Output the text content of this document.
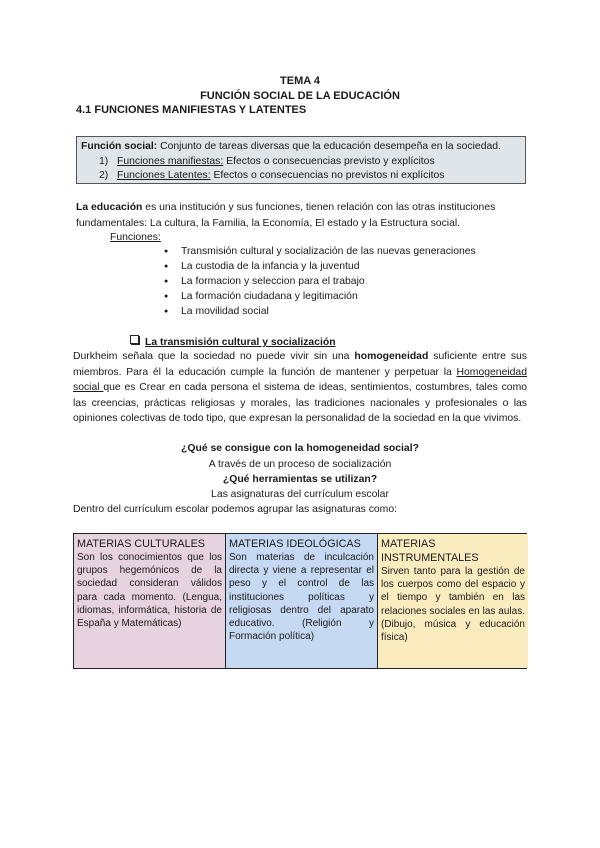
TEMA 4
FUNCIÓN SOCIAL DE LA EDUCACIÓN
4.1 FUNCIONES MANIFIESTAS Y LATENTES
Función social: Conjunto de tareas diversas que la educación desempeña en la sociedad.
1) Funciones manifiestas: Efectos o consecuencias previsto y explícitos
2) Funciones Latentes: Efectos o consecuencias no previstos ni explícitos
La educación es una institución y sus funciones, tienen relación con las otras instituciones fundamentales: La cultura, la Familia, la Economía, El estado y la Estructura social.
Funciones:
● Transmisión cultural y socialización de las nuevas generaciones
● La custodia de la infancia y la juventud
● La formacion y seleccion para el trabajo
● La formación ciudadana y legitimación
● La movilidad social
La transmisión cultural y socialización
Durkheim señala que la sociedad no puede vivir sin una homogeneidad suficiente entre sus miembros. Para él la educación cumple la función de mantener y perpetuar la Homogeneidad social que es Crear en cada persona el sistema de ideas, sentimientos, costumbres, tales como las creencias, prácticas religiosas y morales, las tradiciones nacionales y profesionales o las opiniones colectivas de todo tipo, que expresan la personalidad de la sociedad en la que vivimos.
¿Qué se consigue con la homogeneidad social?
A través de un proceso de socialización
¿Qué herramientas se utilizan?
Las asignaturas del currículum escolar
Dentro del currículum escolar podemos agrupar las asignaturas como:
MATERIAS CULTURALES
Son los conocimientos que los grupos hegemónicos de la sociedad consideran válidos para cada momento. (Lengua, idiomas, informática, historia de España y Matemáticas)
MATERIAS IDEOLÓGICAS
Son materias de inculcación directa y viene a representar el peso y el control de las instituciones políticas y religiosas dentro del aparato educativo. (Religión y Formación política)
MATERIAS INSTRUMENTALES
Sirven tanto para la gestión de los cuerpos como del espacio y el tiempo y también en las relaciones sociales en las aulas. (Dibujo, música y educación física)
